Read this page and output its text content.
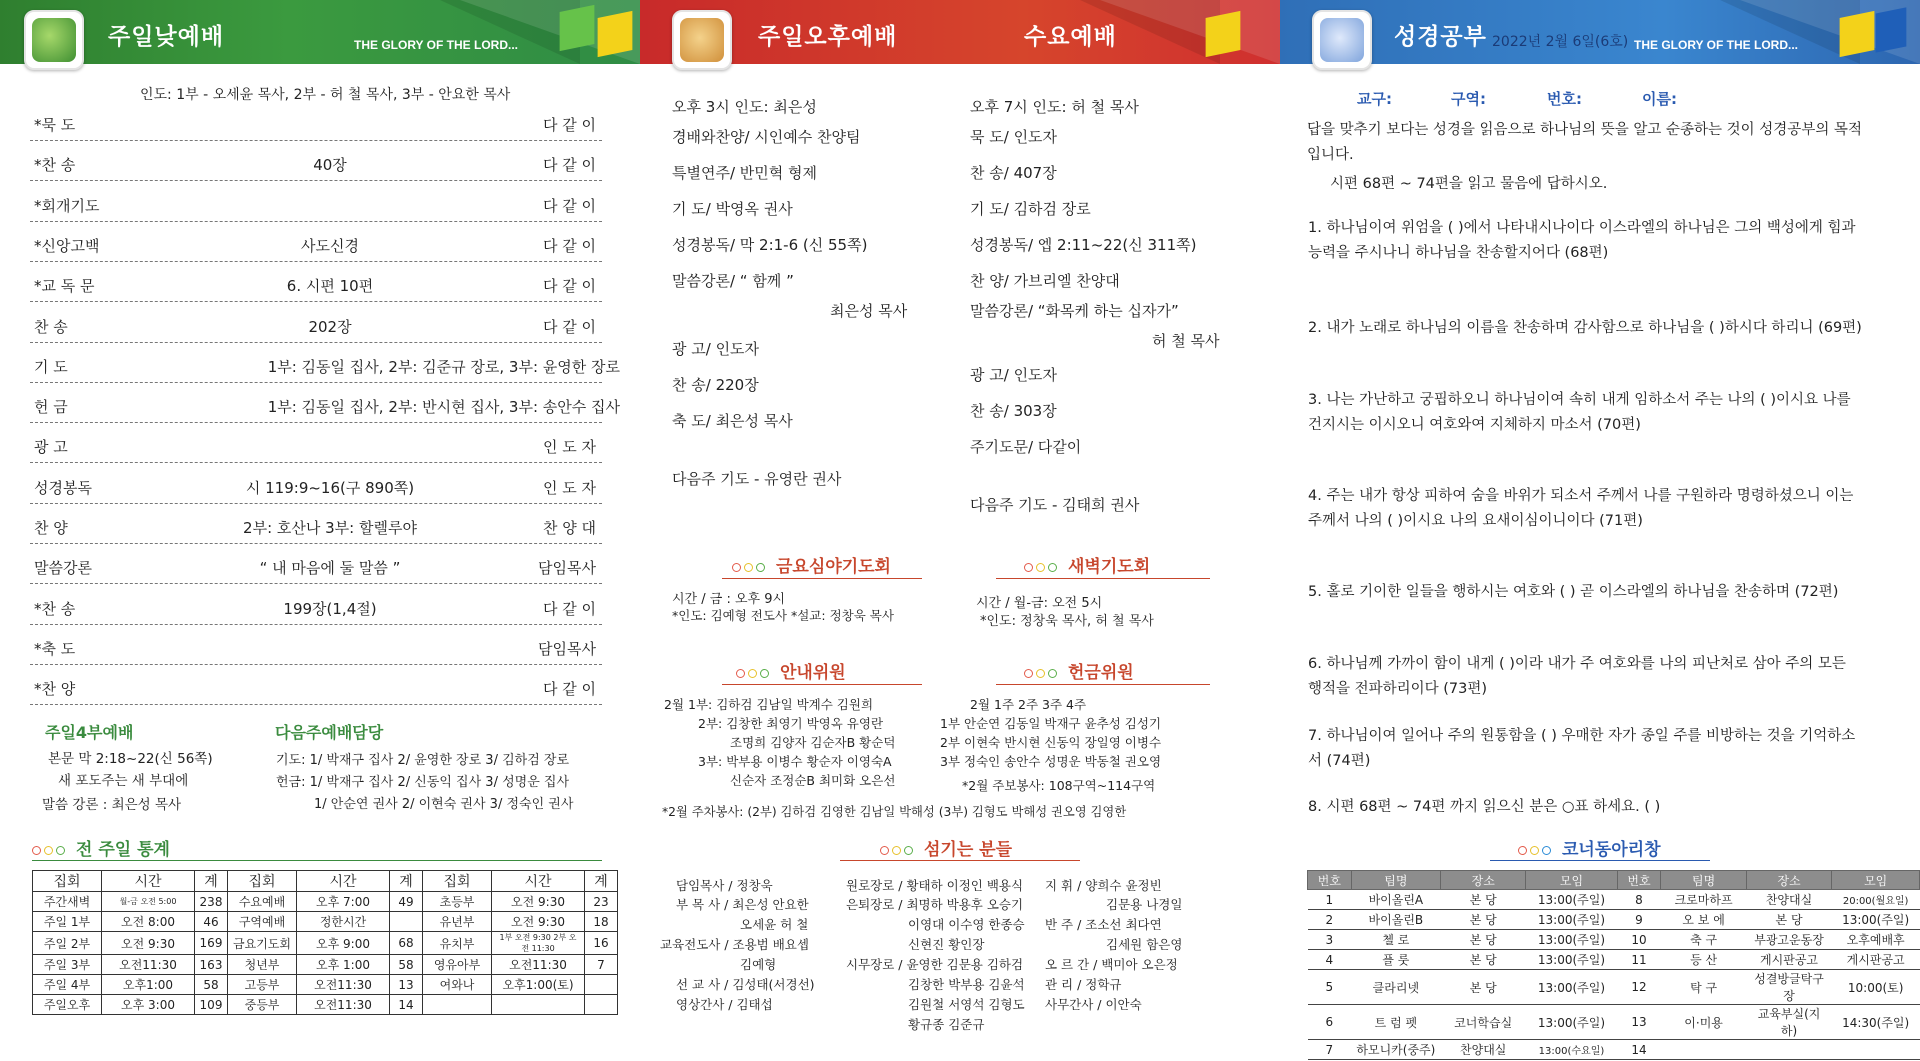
주일낮예배	THE GLORY OF THE LORD...
인도: 1부 - 오세윤 목사, 2부 - 허 철 목사, 3부 - 안요한 목사
*묵 도	다 같 이
*찬 송	40장	다 같 이
*회개기도	다 같 이
*신앙고백	사도신경	다 같 이
*교 독 문	6. 시편 10편	다 같 이
찬 송	202장	다 같 이
기 도	1부: 김동일 집사, 2부: 김준규 장로, 3부: 윤영한 장로
헌 금	1부: 김동일 집사, 2부: 반시현 집사, 3부: 송안수 집사
광 고	인 도 자
성경봉독	시 119:9~16(구 890쪽)	인 도 자
찬 양	2부: 호산나 3부: 할렐루야	찬 양 대
말씀강론	“ 내 마음에 둘 말씀 ”	담임목사
*찬 송	199장(1,4절)	다 같 이
*축 도	담임목사
*찬 양	다 같 이
주일4부예배
본문 막 2:18~22(신 56쪽)
새 포도주는 새 부대에
말씀 강론 : 최은성 목사
다음주예배담당
기도: 1/ 박재구 집사 2/ 윤영한 장로 3/ 김하검 장로
헌금: 1/ 박재구 집사 2/ 신동익 집사 3/ 성명운 집사
1/ 안순연 권사 2/ 이현숙 권사 3/ 정숙인 권사
전 주일 통계
집회	시간	계	집회	시간	계	집회	시간	계
주간새벽	월-금 오전 5:00	238	수요예배	오후 7:00	49	초등부	오전 9:30	23
주일 1부	오전 8:00	46	구역예배	정한시간		유년부	오전 9:30	18
주일 2부	오전 9:30	169	금요기도회	오후 9:00	68	유치부	1부 오전 9:30 2부 오전 11:30	16
주일 3부	오전11:30	163	청년부	오후 1:00	58	영유아부	오전11:30	7
주일 4부	오후1:00	58	고등부	오전11:30	13	여와나	오후1:00(토)	
주일오후	오후 3:00	109	중등부	오전11:30	14			
주일오후예배	수요예배
오후 3시 인도: 최은성
경배와찬양/ 시인예수 찬양팀
특별연주/ 반민혁 형제
기 도/ 박영옥 권사
성경봉독/ 막 2:1-6 (신 55쪽)
말씀강론/ “ 함께 ”
최은성 목사
광 고/ 인도자
찬 송/ 220장
축 도/ 최은성 목사
다음주 기도 - 유영란 권사
오후 7시 인도: 허 철 목사
묵 도/ 인도자
찬 송/ 407장
기 도/ 김하검 장로
성경봉독/ 엡 2:11~22(신 311쪽)
찬 양/ 가브리엘 찬양대
말씀강론/ “화목케 하는 십자가”
허 철 목사
광 고/ 인도자
찬 송/ 303장
주기도문/ 다같이
다음주 기도 - 김태희 권사
금요심야기도회
시간 / 금 : 오후 9시
*인도: 김예형 전도사 *설교: 정창욱 목사
새벽기도회
시간 / 월-금: 오전 5시
*인도: 정창욱 목사, 허 철 목사
안내위원
2월 1부: 김하검 김남일 박계수 김원희
2부: 김창한 최영기 박영옥 유영란
조명희 김양자 김순자B 황순덕
3부: 박부용 이병수 황순자 이영숙A
신순자 조정순B 최미화 오은선
헌금위원
2월 1주 2주 3주 4주
1부 안순연 김동일 박재구 윤추성 김성기
2부 이현숙 반시현 신동익 장일영 이병수
3부 정숙인 송안수 성명운 박동철 권오영
*2월 주보봉사: 108구역~114구역
*2월 주차봉사: (2부) 김하검 김영한 김남일 박해성 (3부) 김형도 박해성 권오영 김영한
섬기는 분들
담임목사 / 정창욱
부 목 사 / 최은성 안요한
오세윤 허 철
교육전도사 / 조용범 배요셉
김예형
선 교 사 / 김성태(서경선)
영상간사 / 김태섭
원로장로 / 황태하 이정인 백용식
은퇴장로 / 최명하 박용후 오승기
이영대 이수영 한종승
신현진 황인장
시무장로 / 윤영한 김문용 김하검
김창한 박부용 김윤석
김원철 서영석 김형도
황규종 김준규
지 휘 / 양희수 윤정빈
김문용 나경일
반 주 / 조소선 최다연
김세원 함은영
오 르 간 / 백미아 오은정
관 리 / 정학규
사무간사 / 이안숙
성경공부 2022년 2월 6일(6호) THE GLORY OF THE LORD...
교구:	구역:	번호:	이름:
답을 맞추기 보다는 성경을 읽음으로 하나님의 뜻을 알고 순종하는 것이 성경공부의 목적입니다.
시편 68편 ~ 74편을 읽고 물음에 답하시오.
1. 하나님이여 위엄을 ( )에서 나타내시나이다 이스라엘의 하나님은 그의 백성에게 힘과 능력을 주시나니 하나님을 찬송할지어다 (68편)
2. 내가 노래로 하나님의 이름을 찬송하며 감사함으로 하나님을 ( )하시다 하리니 (69편)
3. 나는 가난하고 궁핍하오니 하나님이여 속히 내게 임하소서 주는 나의 ( )이시요 나를 건지시는 이시오니 여호와여 지체하지 마소서 (70편)
4. 주는 내가 항상 피하여 숨을 바위가 되소서 주께서 나를 구원하라 명령하셨으니 이는 주께서 나의 ( )이시요 나의 요새이심이니이다 (71편)
5. 홀로 기이한 일들을 행하시는 여호와 ( ) 곧 이스라엘의 하나님을 찬송하며 (72편)
6. 하나님께 가까이 함이 내게 ( )이라 내가 주 여호와를 나의 피난처로 삼아 주의 모든 행적을 전파하리이다 (73편)
7. 하나님이여 일어나 주의 원통함을 ( ) 우매한 자가 종일 주를 비방하는 것을 기억하소서 (74편)
8. 시편 68편 ~ 74편 까지 읽으신 분은 ○표 하세요. ( )
코너동아리창
번호	팀명	장소	모임	번호	팀명	장소	모임
1	바이올린A	본 당	13:00(주일)	8	크로마하프	찬양대실	20:00(월요일)
2	바이올린B	본 당	13:00(주일)	9	오 보 에	본 당	13:00(주일)
3	첼 로	본 당	13:00(주일)	10	축 구	부광고운동장	오후예배후
4	플 룻	본 당	13:00(주일)	11	등 산	게시판공고	게시판공고
5	클라리넷	본 당	13:00(주일)	12	탁 구	성결방글탁구장	10:00(토)
6	트 럼 펫	코너학습실	13:00(주일)	13	이·미용	교육부실(지하)	14:30(주일)
7	하모니카(중주)	찬양대실	13:00(수요일)	14			
